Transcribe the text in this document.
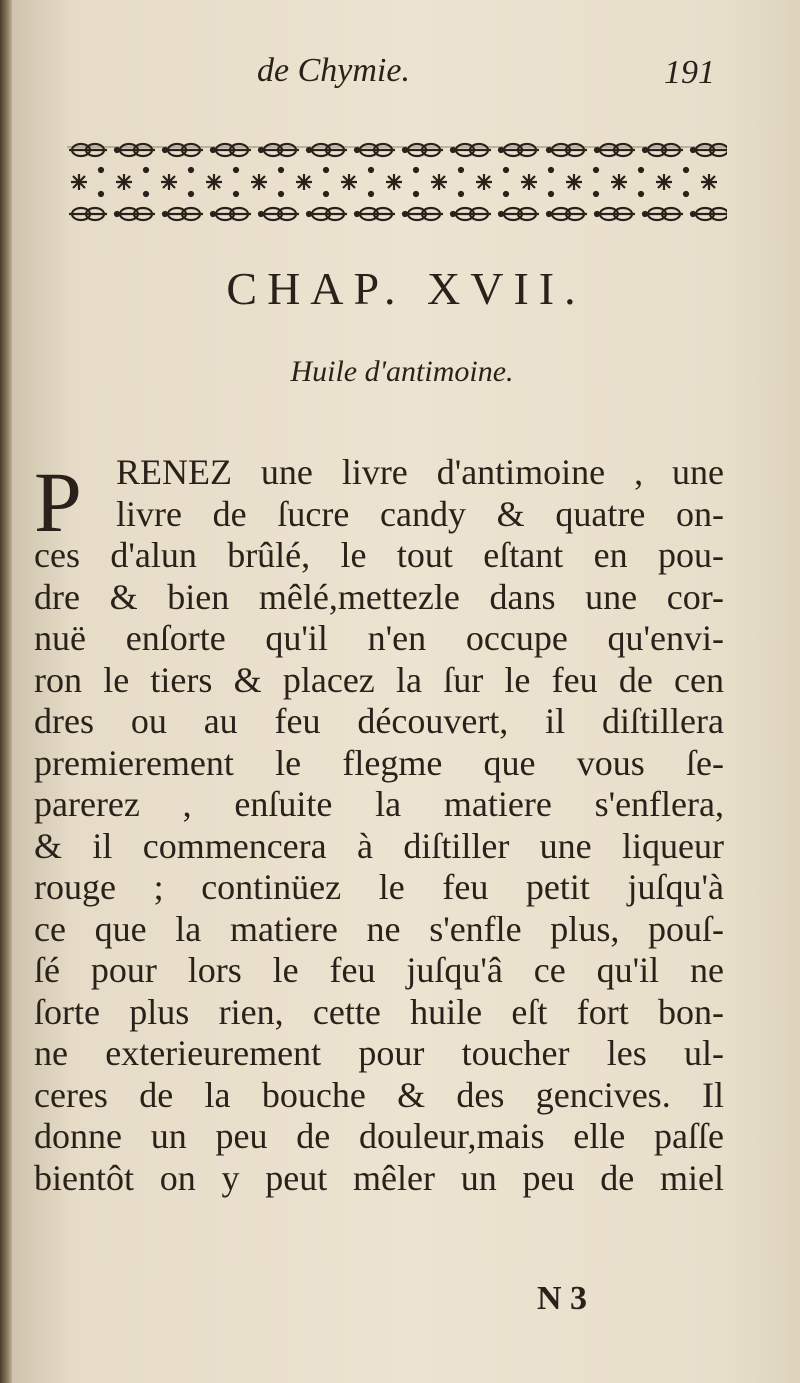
de Chymie.	191
CHAP. XVII.
Huile d'antimoine.
P RENEZ une livre d'antimoine , une
livre de ſucre candy & quatre on-
ces d'alun brûlé, le tout eſtant en pou-
dre & bien mêlé,mettezle dans une cor-
nuë enſorte qu'il n'en occupe qu'envi-
ron le tiers & placez la ſur le feu de cen
dres ou au feu découvert, il diſtillera
premierement le flegme que vous ſe-
parerez , enſuite la matiere s'enflera,
& il commencera à diſtiller une liqueur
rouge ; continüez le feu petit juſqu'à
ce que la matiere ne s'enfle plus, pouſ-
ſé pour lors le feu juſqu'â ce qu'il ne
ſorte plus rien, cette huile eſt fort bon-
ne exterieurement pour toucher les ul-
ceres de la bouche & des gencives. Il
donne un peu de douleur,mais elle paſſe
bientôt on y peut mêler un peu de miel
N 3
